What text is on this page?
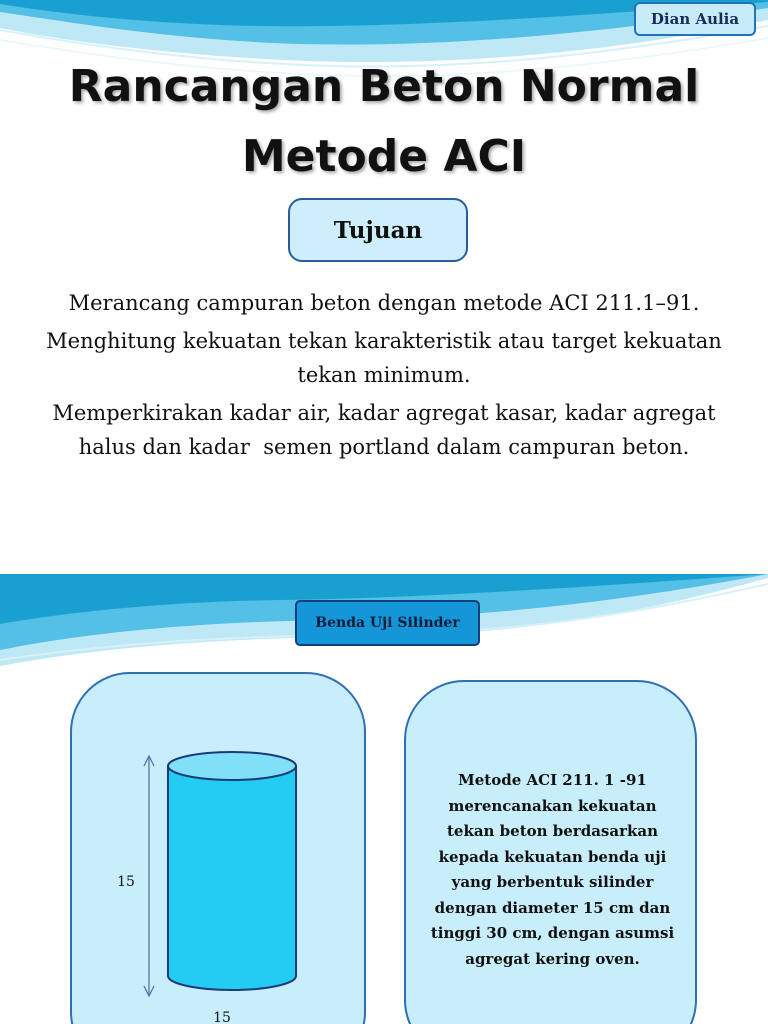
Dian Aulia
Rancangan Beton Normal
Metode ACI
Tujuan

Merancang campuran beton dengan metode ACI 211.1–91.

Menghitung kekuatan tekan karakteristik atau target kekuatan   tekan minimum.

Memperkirakan kadar air, kadar agregat kasar, kadar agregat halus dan kadar  semen portland dalam campuran beton.

Benda Uji Silinder
15
15
Metode ACI 211. 1 -91 merencanakan kekuatan tekan beton berdasarkan kepada kekuatan benda uji yang berbentuk silinder dengan diameter 15 cm dan tinggi 30 cm, dengan asumsi agregat kering oven.
